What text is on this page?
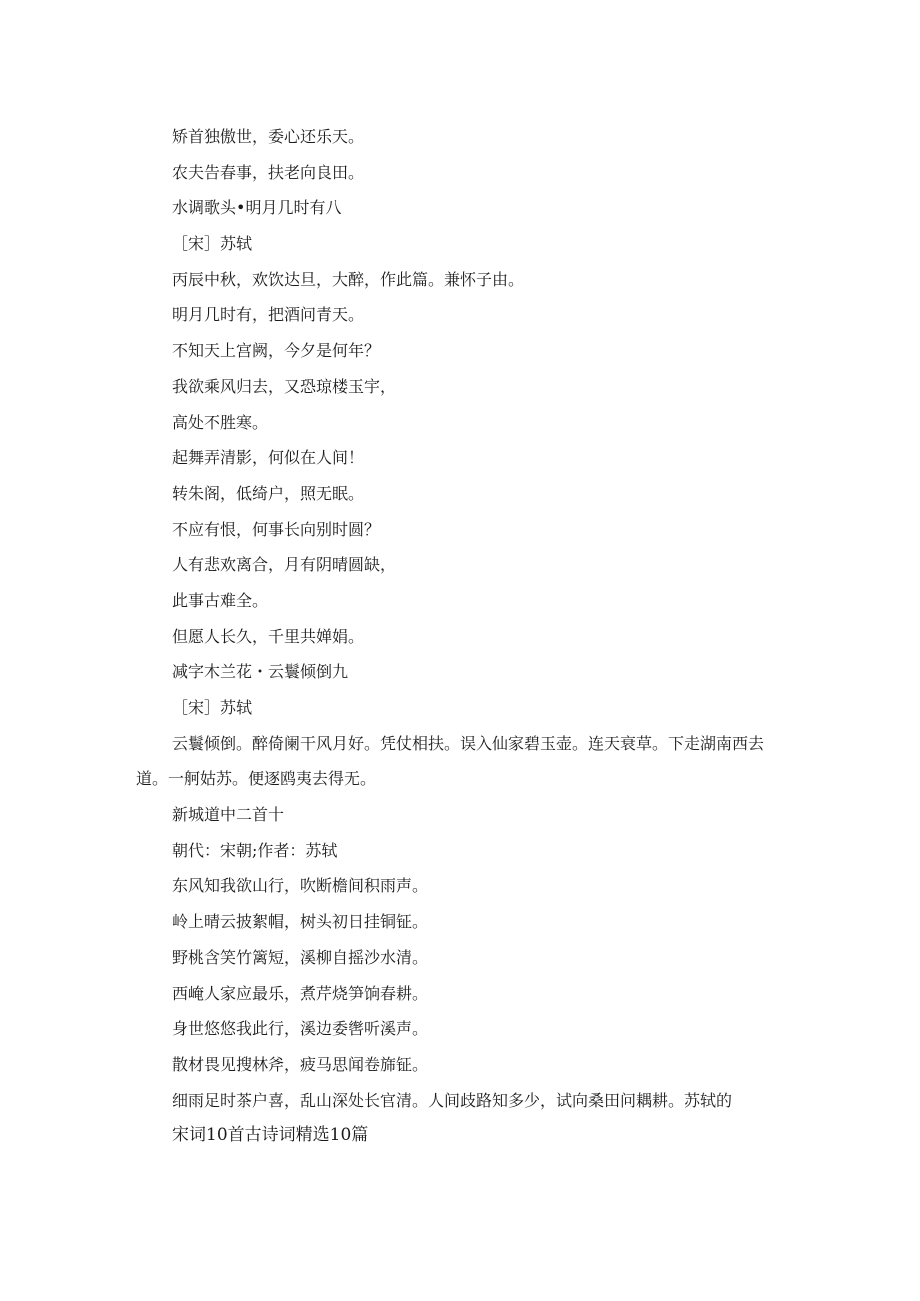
矫首独傲世，委心还乐天。

农夫告春事，扶老向良田。

水调歌头•明月几时有八

［宋］苏轼

丙辰中秋，欢饮达旦，大醉，作此篇。兼怀子由。

明月几时有，把酒问青天。

不知天上宫阙，今夕是何年？

我欲乘风归去，又恐琼楼玉宇，

高处不胜寒。

起舞弄清影，何似在人间！

转朱阁，低绮户，照无眠。

不应有恨，何事长向别时圆？

人有悲欢离合，月有阴晴圆缺，

此事古难全。

但愿人长久，千里共婵娟。

减字木兰花・云鬟倾倒九

［宋］苏轼

云鬟倾倒。醉倚阑干风月好。凭仗相扶。误入仙家碧玉壶。连天衰草。下走湖南西去道。一舸姑苏。便逐鸥夷去得无。

新城道中二首十

朝代：宋朝;作者：苏轼

东风知我欲山行，吹断檐间积雨声。

岭上晴云披絮帽，树头初日挂铜钲。

野桃含笑竹篱短，溪柳自摇沙水清。

西崦人家应最乐，煮芹烧笋饷春耕。

身世悠悠我此行，溪边委辔听溪声。

散材畏见搜林斧，疲马思闻卷旆钲。

细雨足时茶户喜，乱山深处长官清。人间歧路知多少，试向桑田问耦耕。苏轼的

宋词10首古诗词精选10篇
